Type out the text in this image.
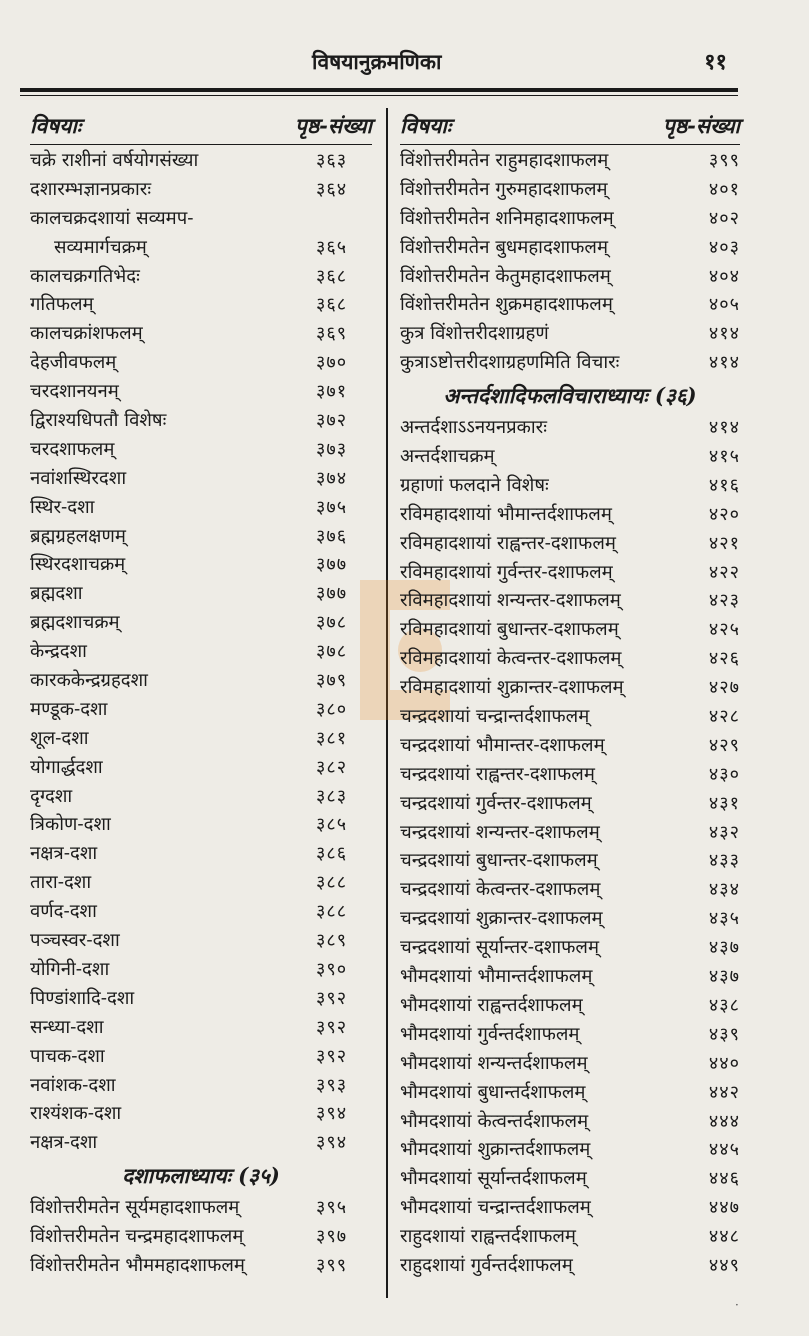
विषयानुक्रमणिका	११
विषयाः	पृष्ठ-संख्या
चक्रे राशीनां वर्षयोगसंख्या	३६३
दशारम्भज्ञानप्रकारः	३६४
कालचक्रदशायां सव्यमप-
सव्यमार्गचक्रम्	३६५
कालचक्रगतिभेदः	३६८
गतिफलम्	३६८
कालचक्रांशफलम्	३६९
देहजीवफलम्	३७०
चरदशानयनम्	३७१
द्विराश्यधिपतौ विशेषः	३७२
चरदशाफलम्	३७३
नवांशस्थिरदशा	३७४
स्थिर-दशा	३७५
ब्रह्मग्रहलक्षणम्	३७६
स्थिरदशाचक्रम्	३७७
ब्रह्मदशा	३७७
ब्रह्मदशाचक्रम्	३७८
केन्द्रदशा	३७८
कारककेन्द्रग्रहदशा	३७९
मण्डूक-दशा	३८०
शूल-दशा	३८१
योगार्द्धदशा	३८२
दृग्दशा	३८३
त्रिकोण-दशा	३८५
नक्षत्र-दशा	३८६
तारा-दशा	३८८
वर्णद-दशा	३८८
पञ्चस्वर-दशा	३८९
योगिनी-दशा	३९०
पिण्डांशादि-दशा	३९२
सन्ध्या-दशा	३९२
पाचक-दशा	३९२
नवांशक-दशा	३९३
राश्यंशक-दशा	३९४
नक्षत्र-दशा	३९४
दशाफलाध्यायः (३५)
विंशोत्तरीमतेन सूर्यमहादशाफलम्	३९५
विंशोत्तरीमतेन चन्द्रमहादशाफलम्	३९७
विंशोत्तरीमतेन भौममहादशाफलम्	३९९
विषयाः	पृष्ठ-संख्या
विंशोत्तरीमतेन राहुमहादशाफलम्	३९९
विंशोत्तरीमतेन गुरुमहादशाफलम्	४०१
विंशोत्तरीमतेन शनिमहादशाफलम्	४०२
विंशोत्तरीमतेन बुधमहादशाफलम्	४०३
विंशोत्तरीमतेन केतुमहादशाफलम्	४०४
विंशोत्तरीमतेन शुक्रमहादशाफलम्	४०५
कुत्र विंशोत्तरीदशाग्रहणं	४१४
कुत्राऽष्टोत्तरीदशाग्रहणमिति विचारः	४१४
अन्तर्दशादिफलविचाराध्यायः (३६)
अन्तर्दशाऽऽनयनप्रकारः	४१४
अन्तर्दशाचक्रम्	४१५
ग्रहाणां फलदाने विशेषः	४१६
रविमहादशायां भौमान्तर्दशाफलम्	४२०
रविमहादशायां राह्वन्तर-दशाफलम्	४२१
रविमहादशायां गुर्वन्तर-दशाफलम्	४२२
रविमहादशायां शन्यन्तर-दशाफलम्	४२३
रविमहादशायां बुधान्तर-दशाफलम्	४२५
रविमहादशायां केत्वन्तर-दशाफलम्	४२६
रविमहादशायां शुक्रान्तर-दशाफलम्	४२७
चन्द्रदशायां चन्द्रान्तर्दशाफलम्	४२८
चन्द्रदशायां भौमान्तर-दशाफलम्	४२९
चन्द्रदशायां राह्वन्तर-दशाफलम्	४३०
चन्द्रदशायां गुर्वन्तर-दशाफलम्	४३१
चन्द्रदशायां शन्यन्तर-दशाफलम्	४३२
चन्द्रदशायां बुधान्तर-दशाफलम्	४३३
चन्द्रदशायां केत्वन्तर-दशाफलम्	४३४
चन्द्रदशायां शुक्रान्तर-दशाफलम्	४३५
चन्द्रदशायां सूर्यान्तर-दशाफलम्	४३७
भौमदशायां भौमान्तर्दशाफलम्	४३७
भौमदशायां राह्वन्तर्दशाफलम्	४३८
भौमदशायां गुर्वन्तर्दशाफलम्	४३९
भौमदशायां शन्यन्तर्दशाफलम्	४४०
भौमदशायां बुधान्तर्दशाफलम्	४४२
भौमदशायां केत्वन्तर्दशाफलम्	४४४
भौमदशायां शुक्रान्तर्दशाफलम्	४४५
भौमदशायां सूर्यान्तर्दशाफलम्	४४६
भौमदशायां चन्द्रान्तर्दशाफलम्	४४७
राहुदशायां राह्वन्तर्दशाफलम्	४४८
राहुदशायां गुर्वन्तर्दशाफलम्	४४९
·
